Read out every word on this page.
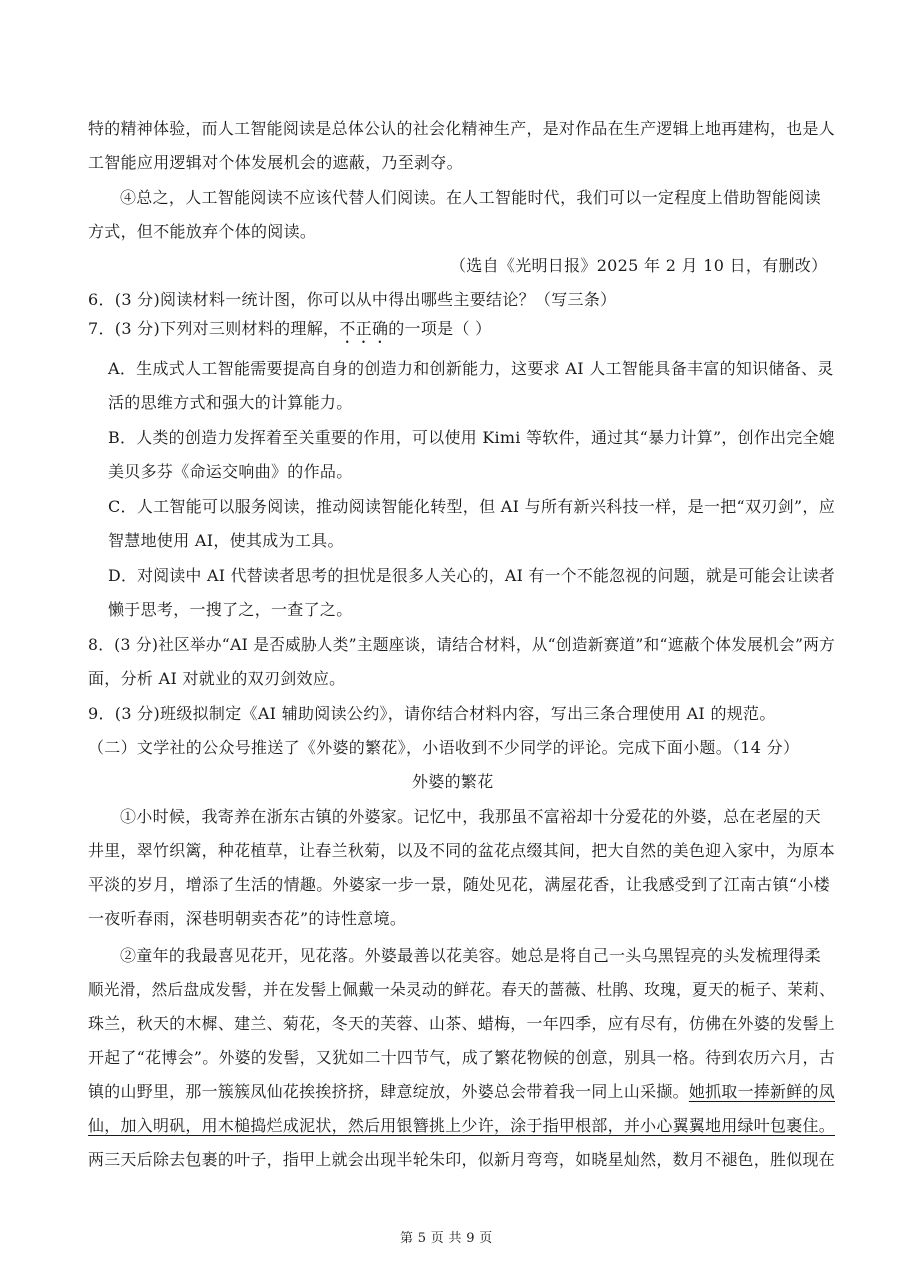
特的精神体验，而人工智能阅读是总体公认的社会化精神生产，是对作品在生产逻辑上地再建构，也是人
工智能应用逻辑对个体发展机会的遮蔽，乃至剥夺。
④总之，人工智能阅读不应该代替人们阅读。在人工智能时代，我们可以一定程度上借助智能阅读
方式，但不能放弃个体的阅读。
（选自《光明日报》2025 年 2 月 10 日，有删改）
6．(3 分)阅读材料一统计图，你可以从中得出哪些主要结论？（写三条）
7．(3 分)下列对三则材料的理解，不正确的一项是（ ）
A．生成式人工智能需要提高自身的创造力和创新能力，这要求 AI 人工智能具备丰富的知识储备、灵
活的思维方式和强大的计算能力。
B．人类的创造力发挥着至关重要的作用，可以使用 Kimi 等软件，通过其“暴力计算”，创作出完全媲
美贝多芬《命运交响曲》的作品。
C．人工智能可以服务阅读，推动阅读智能化转型，但 AI 与所有新兴科技一样，是一把“双刃剑”，应
智慧地使用 AI，使其成为工具。
D．对阅读中 AI 代替读者思考的担忧是很多人关心的，AI 有一个不能忽视的问题，就是可能会让读者
懒于思考，一搜了之，一查了之。
8．(3 分)社区举办“AI 是否威胁人类”主题座谈，请结合材料，从“创造新赛道”和“遮蔽个体发展机会”两方
面，分析 AI 对就业的双刃剑效应。
9．(3 分)班级拟制定《AI 辅助阅读公约》，请你结合材料内容，写出三条合理使用 AI 的规范。
（二）文学社的公众号推送了《外婆的繁花》，小语收到不少同学的评论。完成下面小题。（14 分）
外婆的繁花
①小时候，我寄养在浙东古镇的外婆家。记忆中，我那虽不富裕却十分爱花的外婆，总在老屋的天
井里，翠竹织篱，种花植草，让春兰秋菊，以及不同的盆花点缀其间，把大自然的美色迎入家中，为原本
平淡的岁月，增添了生活的情趣。外婆家一步一景，随处见花，满屋花香，让我感受到了江南古镇“小楼
一夜听春雨，深巷明朝卖杏花”的诗性意境。
②童年的我最喜见花开，见花落。外婆最善以花美容。她总是将自己一头乌黑锃亮的头发梳理得柔
顺光滑，然后盘成发髻，并在发髻上佩戴一朵灵动的鲜花。春天的蔷薇、杜鹃、玫瑰，夏天的栀子、茉莉、
珠兰，秋天的木樨、建兰、菊花，冬天的芙蓉、山茶、蜡梅，一年四季，应有尽有，仿佛在外婆的发髻上
开起了“花博会”。外婆的发髻，又犹如二十四节气，成了繁花物候的创意，别具一格。待到农历六月，古
镇的山野里，那一簇簇凤仙花挨挨挤挤，肆意绽放，外婆总会带着我一同上山采撷。她抓取一捧新鲜的凤
仙，加入明矾，用木槌捣烂成泥状，然后用银簪挑上少许，涂于指甲根部，并小心翼翼地用绿叶包裹住。
两三天后除去包裹的叶子，指甲上就会出现半轮朱印，似新月弯弯，如晓星灿然，数月不褪色，胜似现在
第 5 页 共 9 页
